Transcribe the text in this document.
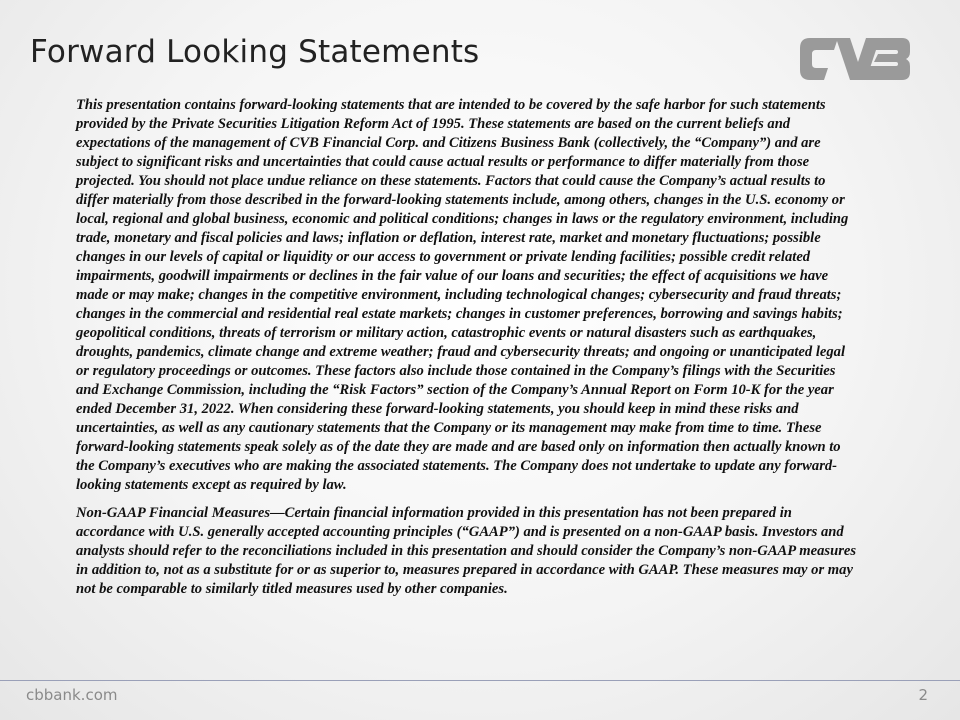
Forward Looking Statements

This presentation contains forward-looking statements that are intended to be covered by the safe harbor for such statements provided by the Private Securities Litigation Reform Act of 1995. These statements are based on the current beliefs and expectations of the management of CVB Financial Corp. and Citizens Business Bank (collectively, the “Company”) and are subject to significant risks and uncertainties that could cause actual results or performance to differ materially from those projected. You should not place undue reliance on these statements. Factors that could cause the Company’s actual results to differ materially from those described in the forward-looking statements include, among others, changes in the U.S. economy or local, regional and global business, economic and political conditions; changes in laws or the regulatory environment, including trade, monetary and fiscal policies and laws; inflation or deflation, interest rate, market and monetary fluctuations; possible changes in our levels of capital or liquidity or our access to government or private lending facilities; possible credit related impairments, goodwill impairments or declines in the fair value of our loans and securities; the effect of acquisitions we have made or may make; changes in the competitive environment, including technological changes; cybersecurity and fraud threats; changes in the commercial and residential real estate markets; changes in customer preferences, borrowing and savings habits; geopolitical conditions, threats of terrorism or military action, catastrophic events or natural disasters such as earthquakes, droughts, pandemics, climate change and extreme weather; fraud and cybersecurity threats; and ongoing or unanticipated legal or regulatory proceedings or outcomes. These factors also include those contained in the Company’s filings with the Securities and Exchange Commission, including the “Risk Factors” section of the Company’s Annual Report on Form 10-K for the year ended December 31, 2022. When considering these forward-looking statements, you should keep in mind these risks and uncertainties, as well as any cautionary statements that the Company or its management may make from time to time. These forward-looking statements speak solely as of the date they are made and are based only on information then actually known to the Company’s executives who are making the associated statements. The Company does not undertake to update any forward-looking statements except as required by law.

Non-GAAP Financial Measures—Certain financial information provided in this presentation has not been prepared in accordance with U.S. generally accepted accounting principles (“GAAP”) and is presented on a non-GAAP basis. Investors and analysts should refer to the reconciliations included in this presentation and should consider the Company’s non-GAAP measures in addition to, not as a substitute for or as superior to, measures prepared in accordance with GAAP. These measures may or may not be comparable to similarly titled measures used by other companies.

cbbank.com	2
